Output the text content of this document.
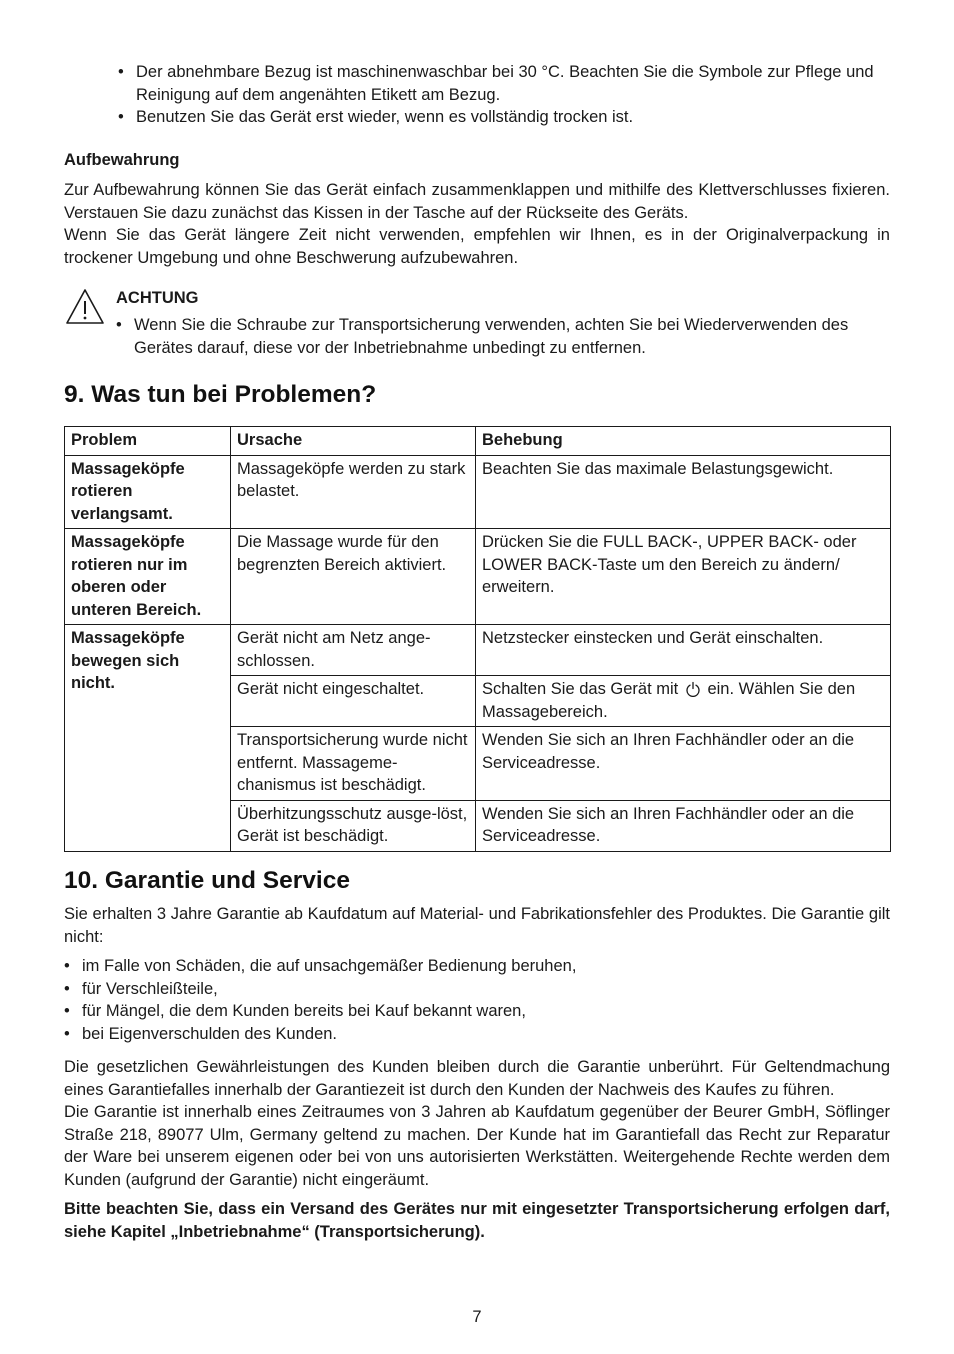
• Der abnehmbare Bezug ist maschinenwaschbar bei 30 °C. Beachten Sie die Symbole zur Pflege und Reinigung auf dem angenähten Etikett am Bezug.
• Benutzen Sie das Gerät erst wieder, wenn es vollständig trocken ist.
Aufbewahrung

Zur Aufbewahrung können Sie das Gerät einfach zusammenklappen und mithilfe des Klettverschlusses fixieren. Verstauen Sie dazu zunächst das Kissen in der Tasche auf der Rückseite des Geräts.

Wenn Sie das Gerät längere Zeit nicht verwenden, empfehlen wir Ihnen, es in der Originalverpackung in trockener Umgebung und ohne Beschwerung aufzubewahren.

ACHTUNG
• Wenn Sie die Schraube zur Transportsicherung verwenden, achten Sie bei Wiederverwenden des Gerätes darauf, diese vor der Inbetriebnahme unbedingt zu entfernen.
9. Was tun bei Problemen?
Problem	Ursache	Behebung
Massageköpfe rotieren verlangsamt.	Massageköpfe werden zu stark belastet.	Beachten Sie das maximale Belastungsgewicht.
Massageköpfe rotieren nur im oberen oder unteren Bereich.	Die Massage wurde für den begrenzten Bereich aktiviert.	Drücken Sie die FULL BACK-, UPPER BACK- oder LOWER BACK-Taste um den Bereich zu ändern/ erweitern.
Massageköpfe bewegen sich nicht.	Gerät nicht am Netz ange-schlossen.	Netzstecker einstecken und Gerät einschalten.
	Gerät nicht eingeschaltet.	Schalten Sie das Gerät mit ein. Wählen Sie den Massagebereich.
	Transportsicherung wurde nicht entfernt. Massageme-chanismus ist beschädigt.	Wenden Sie sich an Ihren Fachhändler oder an die Serviceadresse.
	Überhitzungsschutz ausge-löst, Gerät ist beschädigt.	Wenden Sie sich an Ihren Fachhändler oder an die Serviceadresse.
10. Garantie und Service

Sie erhalten 3 Jahre Garantie ab Kaufdatum auf Material- und Fabrikationsfehler des Produktes. Die Garantie gilt nicht:

• im Falle von Schäden, die auf unsachgemäßer Bedienung beruhen,
• für Verschleißteile,
• für Mängel, die dem Kunden bereits bei Kauf bekannt waren,
• bei Eigenverschulden des Kunden.

Die gesetzlichen Gewährleistungen des Kunden bleiben durch die Garantie unberührt. Für Geltendmachung eines Garantiefalles innerhalb der Garantiezeit ist durch den Kunden der Nachweis des Kaufes zu führen.

Die Garantie ist innerhalb eines Zeitraumes von 3 Jahren ab Kaufdatum gegenüber der Beurer GmbH, Söflinger Straße 218, 89077 Ulm, Germany geltend zu machen. Der Kunde hat im Garantiefall das Recht zur Reparatur der Ware bei unserem eigenen oder bei von uns autorisierten Werkstätten. Weitergehende Rechte werden dem Kunden (aufgrund der Garantie) nicht eingeräumt.

Bitte beachten Sie, dass ein Versand des Gerätes nur mit eingesetzter Transportsicherung erfolgen darf, siehe Kapitel „Inbetriebnahme“ (Transportsicherung).

7
